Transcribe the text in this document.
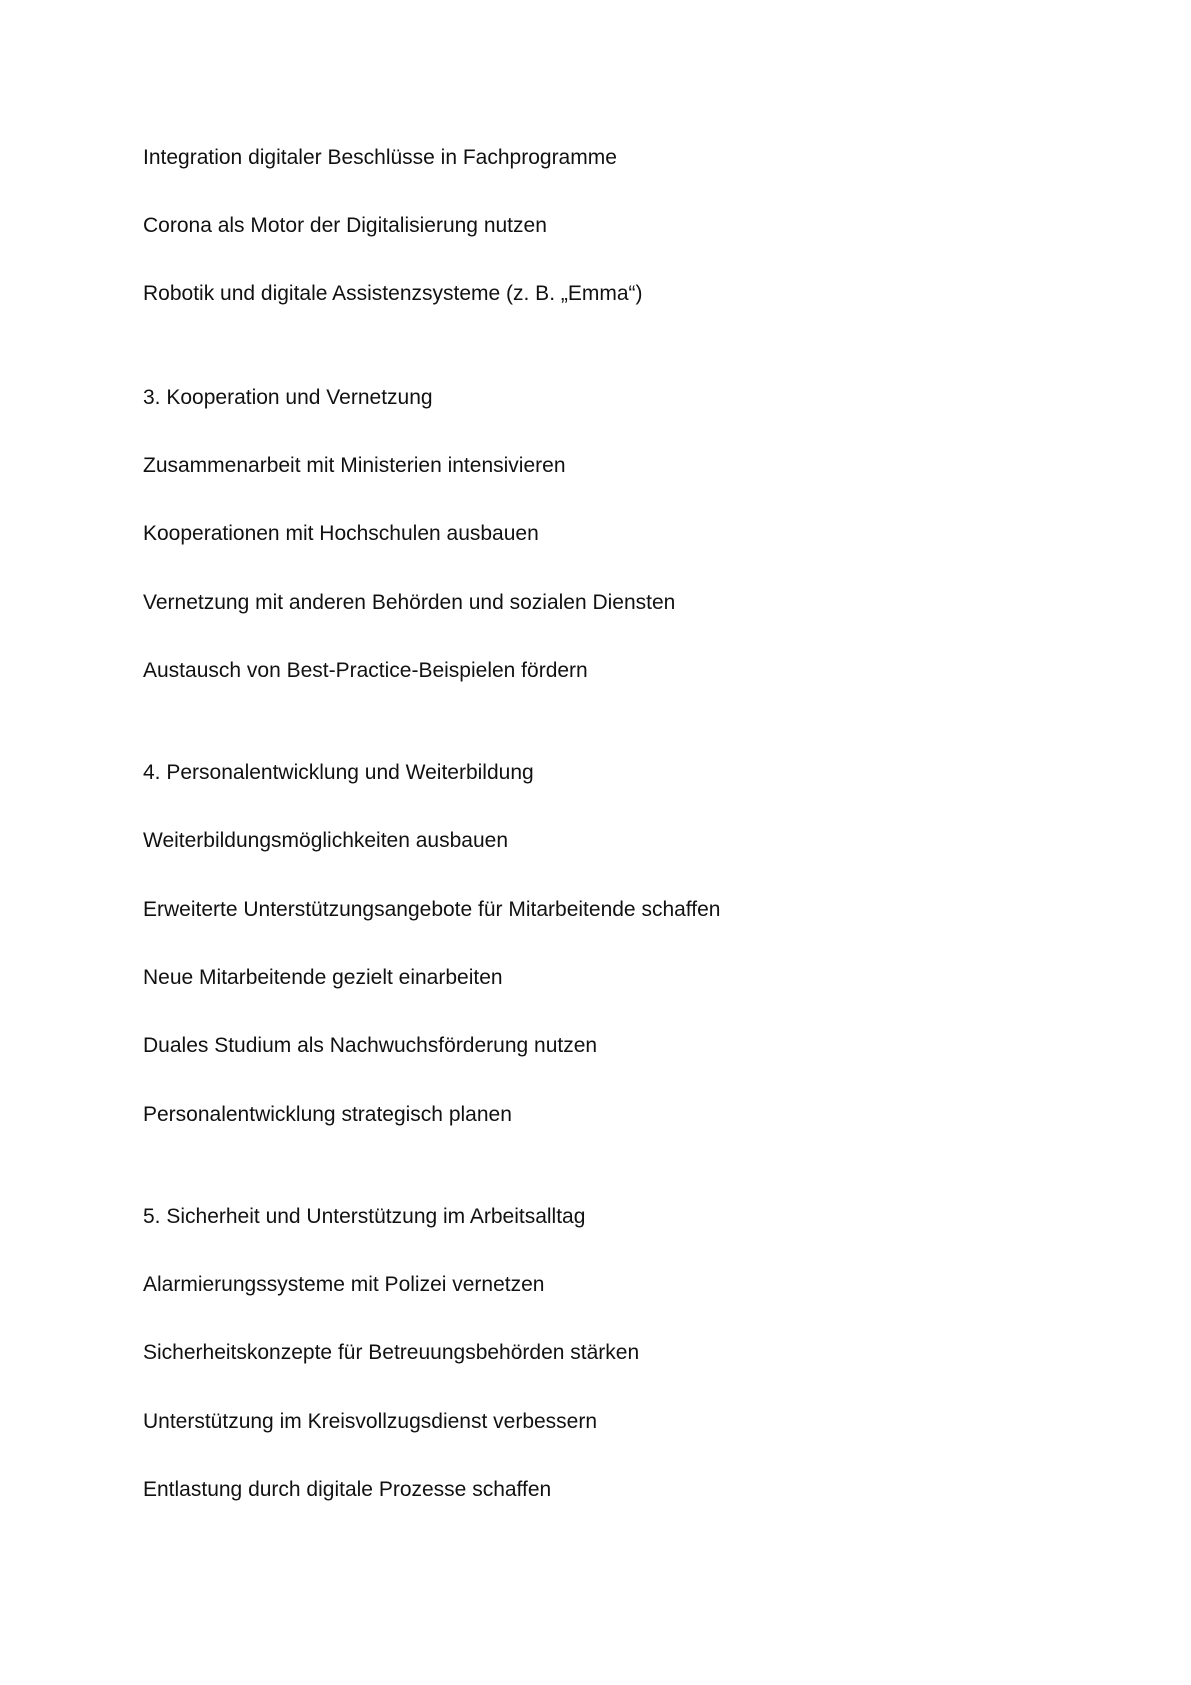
Integration digitaler Beschlüsse in Fachprogramme

Corona als Motor der Digitalisierung nutzen

Robotik und digitale Assistenzsysteme (z. B. „Emma“)

3. Kooperation und Vernetzung

Zusammenarbeit mit Ministerien intensivieren

Kooperationen mit Hochschulen ausbauen

Vernetzung mit anderen Behörden und sozialen Diensten

Austausch von Best-Practice-Beispielen fördern

4. Personalentwicklung und Weiterbildung

Weiterbildungsmöglichkeiten ausbauen

Erweiterte Unterstützungsangebote für Mitarbeitende schaffen

Neue Mitarbeitende gezielt einarbeiten

Duales Studium als Nachwuchsförderung nutzen

Personalentwicklung strategisch planen

5. Sicherheit und Unterstützung im Arbeitsalltag

Alarmierungssysteme mit Polizei vernetzen

Sicherheitskonzepte für Betreuungsbehörden stärken

Unterstützung im Kreisvollzugsdienst verbessern

Entlastung durch digitale Prozesse schaffen
